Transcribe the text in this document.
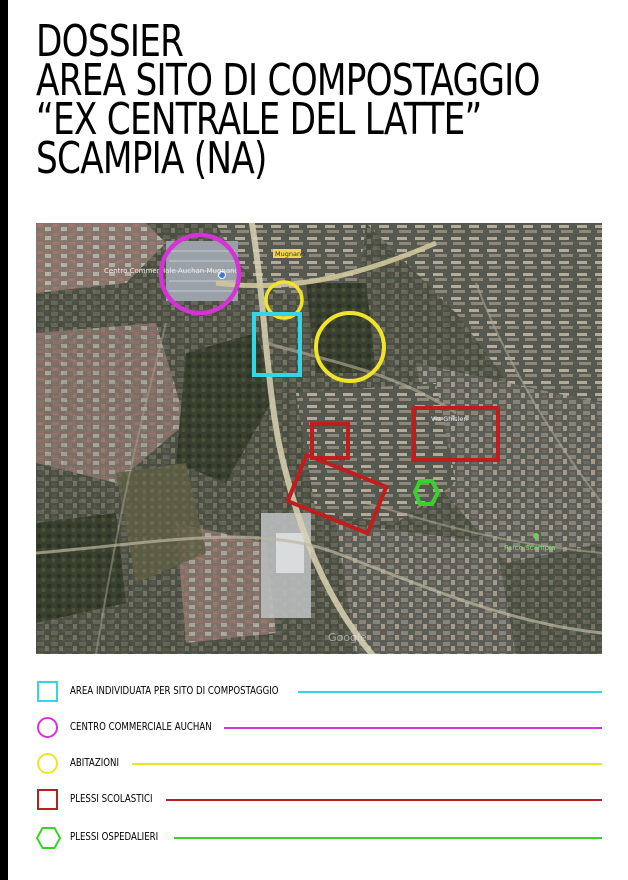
DOSSIER
AREA SITO DI COMPOSTAGGIO
“EX CENTRALE DEL LATTE”
SCAMPIA (NA)
Mugnano
Centro Commerciale Auchan Mugnano
Parco Scampia
Via Ghisleri
Google
AREA INDIVIDUATA PER SITO DI COMPOSTAGGIO
CENTRO COMMERCIALE AUCHAN
ABITAZIONI
PLESSI SCOLASTICI
PLESSI OSPEDALIERI
